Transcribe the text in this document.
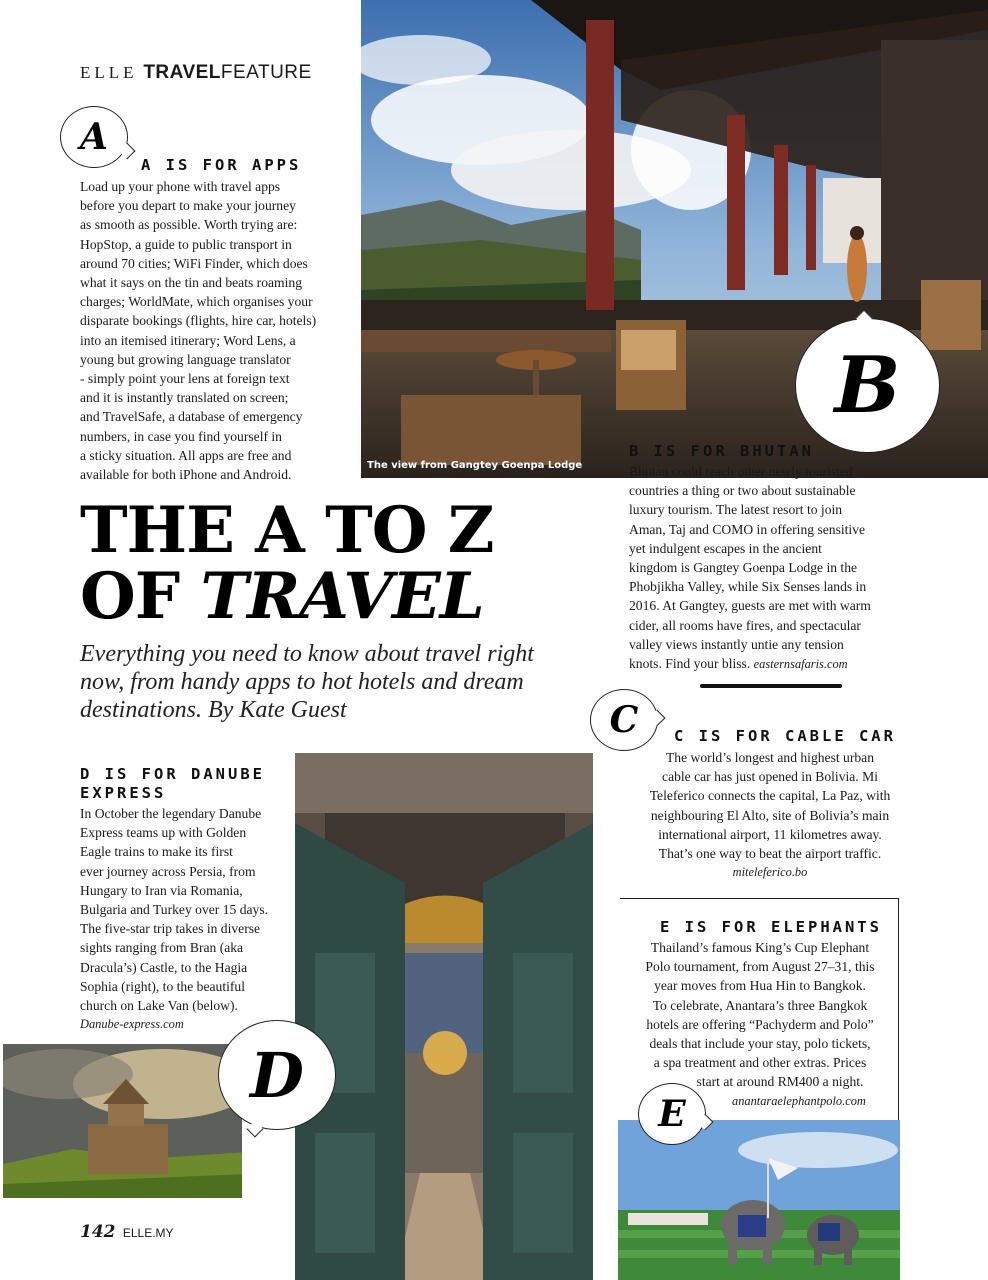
ELLE TRAVELFEATURE
The view from Gangtey Goenpa Lodge
A
A IS FOR APPS
Load up your phone with travel apps
before you depart to make your journey
as smooth as possible. Worth trying are:
HopStop, a guide to public transport in
around 70 cities; WiFi Finder, which does
what it says on the tin and beats roaming
charges; WorldMate, which organises your
disparate bookings (flights, hire car, hotels)
into an itemised itinerary; Word Lens, a
young but growing language translator
- simply point your lens at foreign text
and it is instantly translated on screen;
and TravelSafe, a database of emergency
numbers, in case you find yourself in
a sticky situation. All apps are free and
available for both iPhone and Android.
B
B IS FOR BHUTAN
Bhutan could teach other newly touristed
countries a thing or two about sustainable
luxury tourism. The latest resort to join
Aman, Taj and COMO in offering sensitive
yet indulgent escapes in the ancient
kingdom is Gangtey Goenpa Lodge in the
Phobjikha Valley, while Six Senses lands in
2016. At Gangtey, guests are met with warm
cider, all rooms have fires, and spectacular
valley views instantly untie any tension
knots. Find your bliss. easternsafaris.com
THE A TO Z
OF TRAVEL
Everything you need to know about travel right now, from handy apps to hot hotels and dream destinations. By Kate Guest	C C IS FOR CABLE CAR
The world’s longest and highest urban
cable car has just opened in Bolivia. Mi
Teleferico connects the capital, La Paz, with
neighbouring El Alto, site of Bolivia’s main
international airport, 11 kilometres away.
That’s one way to beat the airport traffic.
miteleferico.bo
E IS FOR ELEPHANTS
Thailand’s famous King’s Cup Elephant
Polo tournament, from August 27–31, this
year moves from Hua Hin to Bangkok.
To celebrate, Anantara’s three Bangkok
hotels are offering “Pachyderm and Polo”
deals that include your stay, polo tickets,
a spa treatment and other extras. Prices
start at around RM400 a night.
anantaraelephantpolo.com
E
D IS FOR DANUBE
EXPRESS
In October the legendary Danube
Express teams up with Golden
Eagle trains to make its first
ever journey across Persia, from
Hungary to Iran via Romania,
Bulgaria and Turkey over 15 days.
The five-star trip takes in diverse
sights ranging from Bran (aka
Dracula’s) Castle, to the Hagia
Sophia (right), to the beautiful
church on Lake Van (below).
Danube-express.com
D
142 ELLE.MY
